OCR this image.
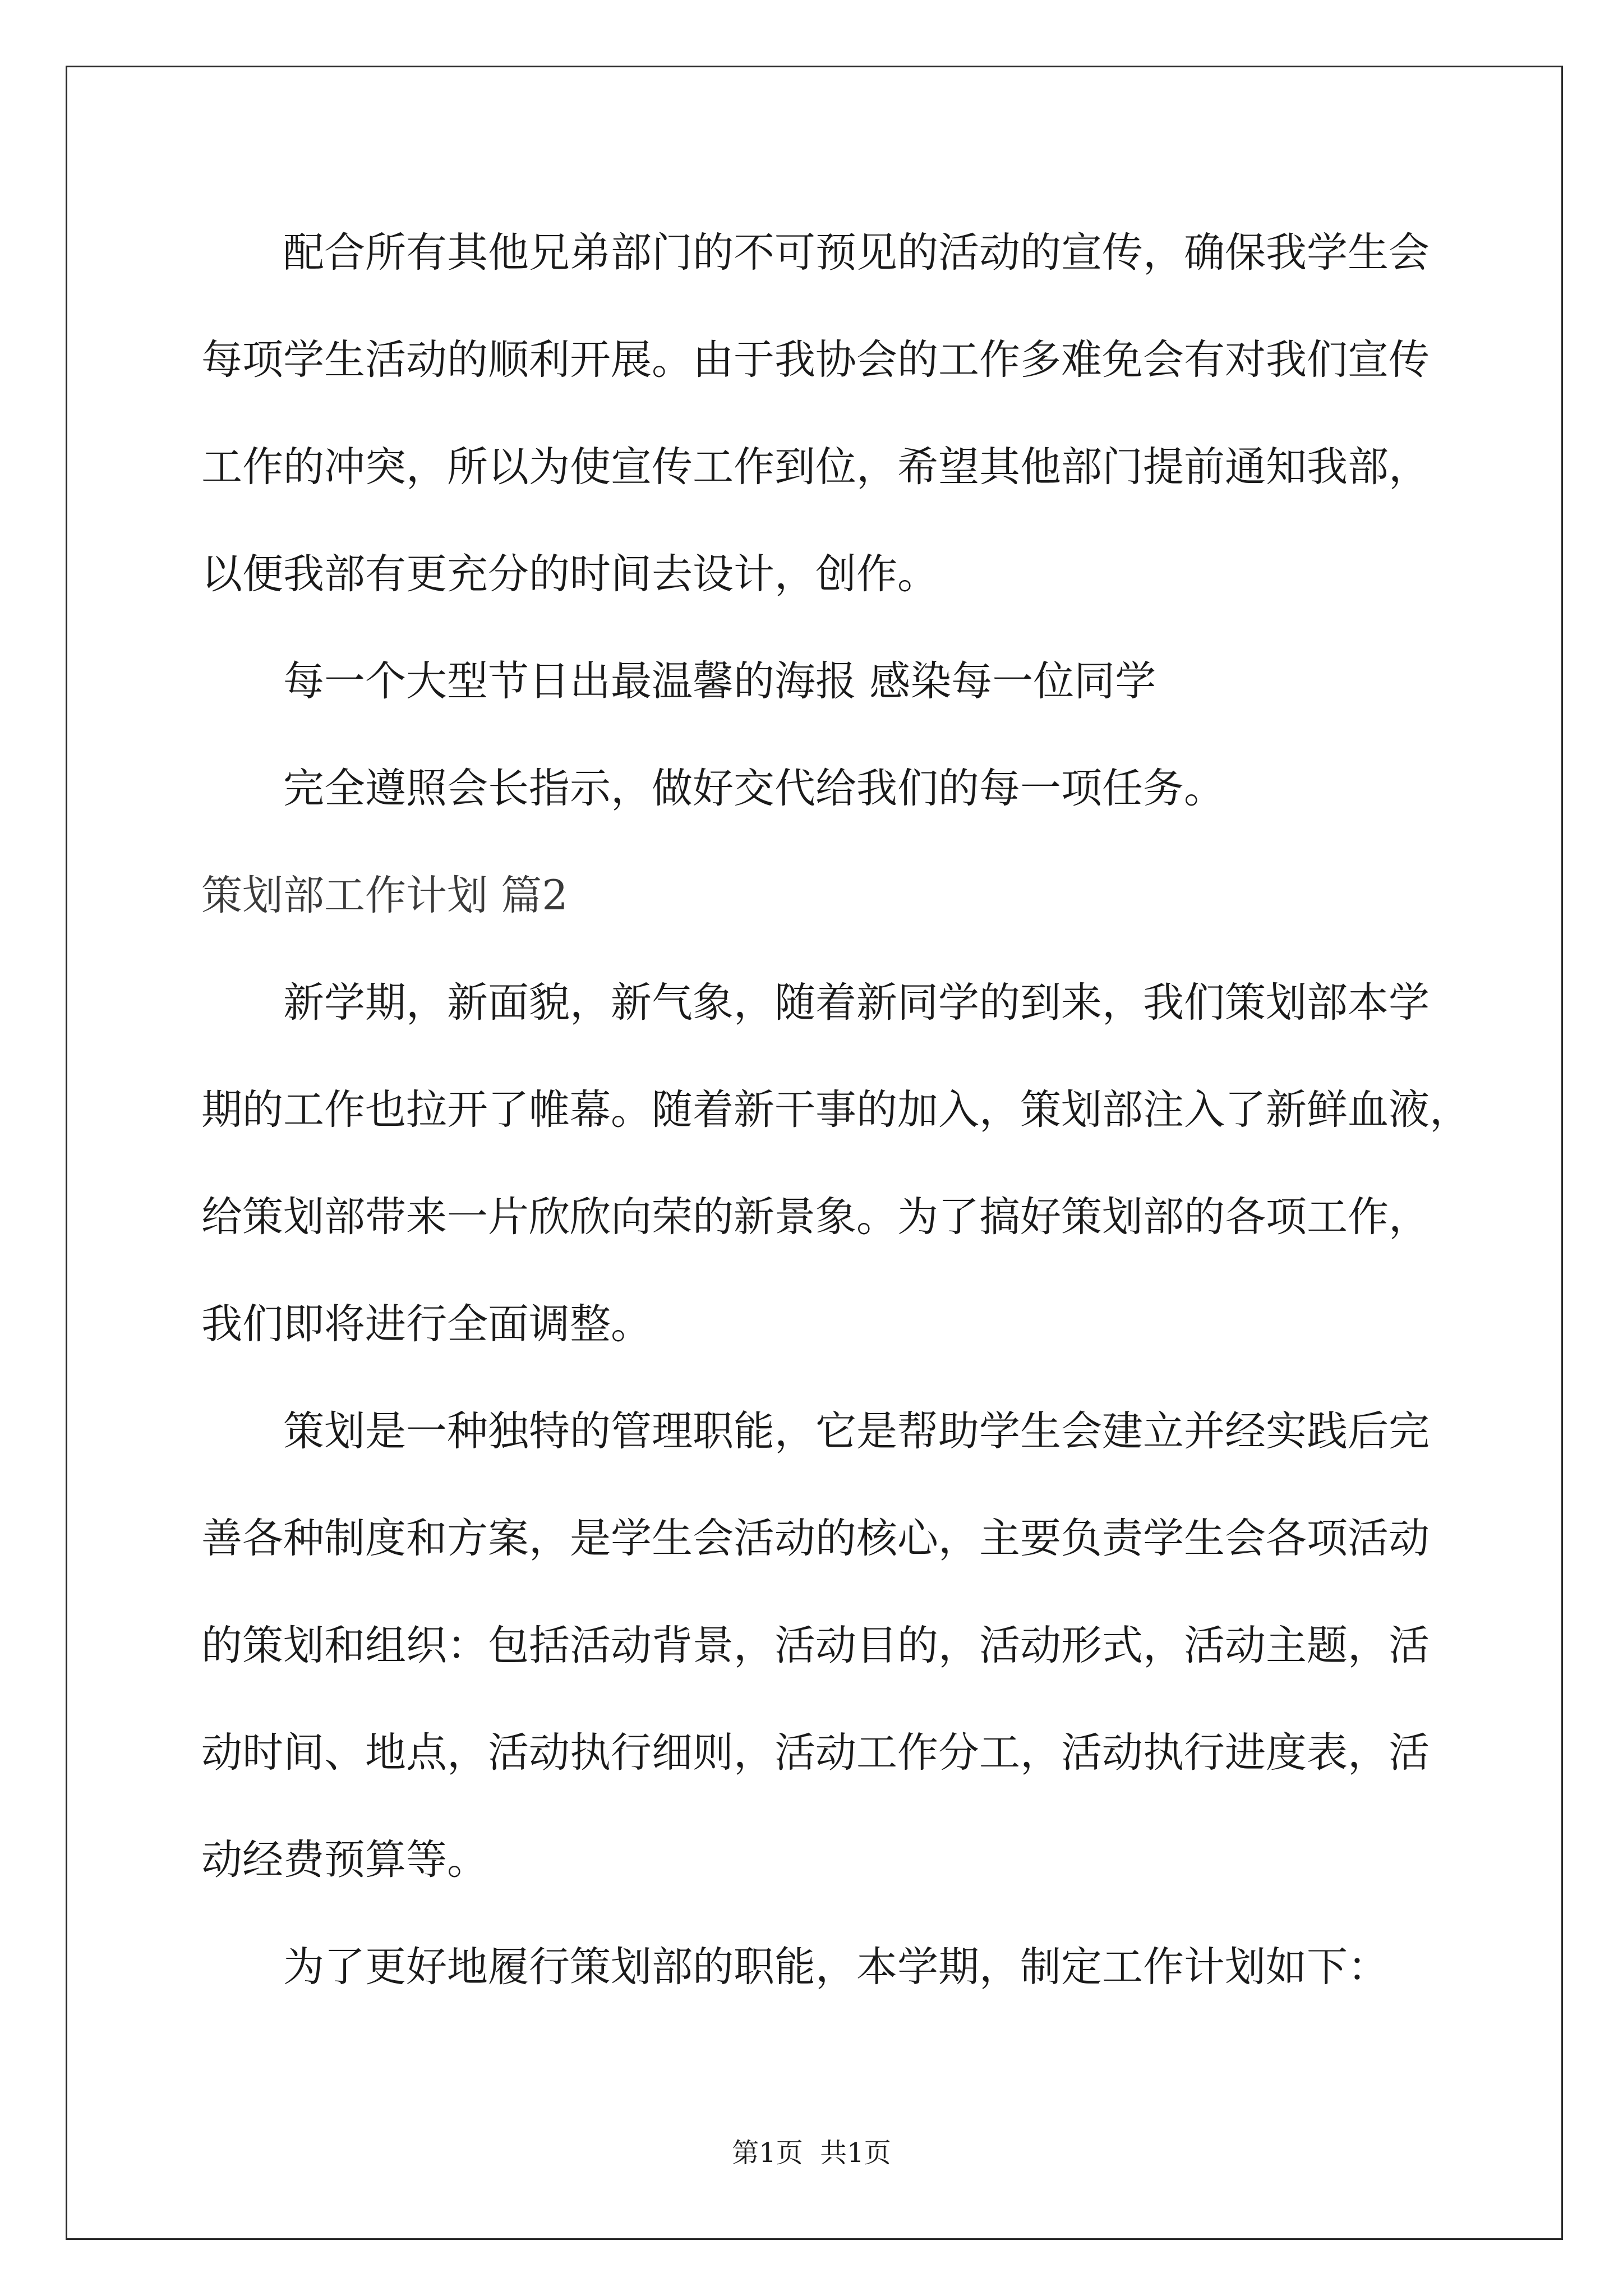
配合所有其他兄弟部门的不可预见的活动的宣传，确保我学生会
每项学生活动的顺利开展。由于我协会的工作多难免会有对我们宣传
工作的冲突，所以为使宣传工作到位，希望其他部门提前通知我部，
以便我部有更充分的时间去设计，创作。
每一个大型节日出最温馨的海报 感染每一位同学
完全遵照会长指示，做好交代给我们的每一项任务。
策划部工作计划 篇2
新学期，新面貌，新气象，随着新同学的到来，我们策划部本学
期的工作也拉开了帷幕。随着新干事的加入，策划部注入了新鲜血液，
给策划部带来一片欣欣向荣的新景象。为了搞好策划部的各项工作，
我们即将进行全面调整。
策划是一种独特的管理职能，它是帮助学生会建立并经实践后完
善各种制度和方案，是学生会活动的核心，主要负责学生会各项活动
的策划和组织：包括活动背景，活动目的，活动形式，活动主题，活
动时间、地点，活动执行细则，活动工作分工，活动执行进度表，活
动经费预算等。
为了更好地履行策划部的职能，本学期，制定工作计划如下：
第1页  共1页
